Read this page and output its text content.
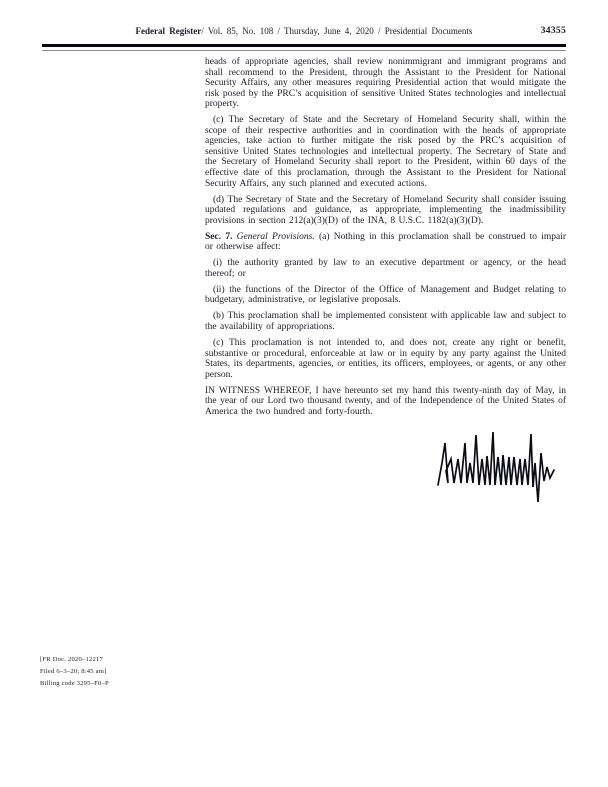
Federal Register/ Vol. 85, No. 108 / Thursday, June 4, 2020 / Presidential Documents	34355

heads of appropriate agencies, shall review nonimmigrant and immigrant programs and shall recommend to the President, through the Assistant to the President for National Security Affairs, any other measures requiring Presidential action that would mitigate the risk posed by the PRC’s acquisition of sensitive United States technologies and intellectual property.

(c) The Secretary of State and the Secretary of Homeland Security shall, within the scope of their respective authorities and in coordination with the heads of appropriate agencies, take action to further mitigate the risk posed by the PRC’s acquisition of sensitive United States technologies and intellectual property. The Secretary of State and the Secretary of Homeland Security shall report to the President, within 60 days of the effective date of this proclamation, through the Assistant to the President for National Security Affairs, any such planned and executed actions.

(d) The Secretary of State and the Secretary of Homeland Security shall consider issuing updated regulations and guidance, as appropriate, implementing the inadmissibility provisions in section 212(a)(3)(D) of the INA, 8 U.S.C. 1182(a)(3)(D).

Sec. 7. General Provisions. (a) Nothing in this proclamation shall be construed to impair or otherwise affect:

(i) the authority granted by law to an executive department or agency, or the head thereof; or

(ii) the functions of the Director of the Office of Management and Budget relating to budgetary, administrative, or legislative proposals.

(b) This proclamation shall be implemented consistent with applicable law and subject to the availability of appropriations.

(c) This proclamation is not intended to, and does not, create any right or benefit, substantive or procedural, enforceable at law or in equity by any party against the United States, its departments, agencies, or entities, its officers, employees, or agents, or any other person.

IN WITNESS WHEREOF, I have hereunto set my hand this twenty-ninth day of May, in the year of our Lord two thousand twenty, and of the Independence of the United States of America the two hundred and forty-fourth.

[FR Doc. 2020–12217
Filed 6–3–20; 8:45 am]
Billing code 3295–F0–P
